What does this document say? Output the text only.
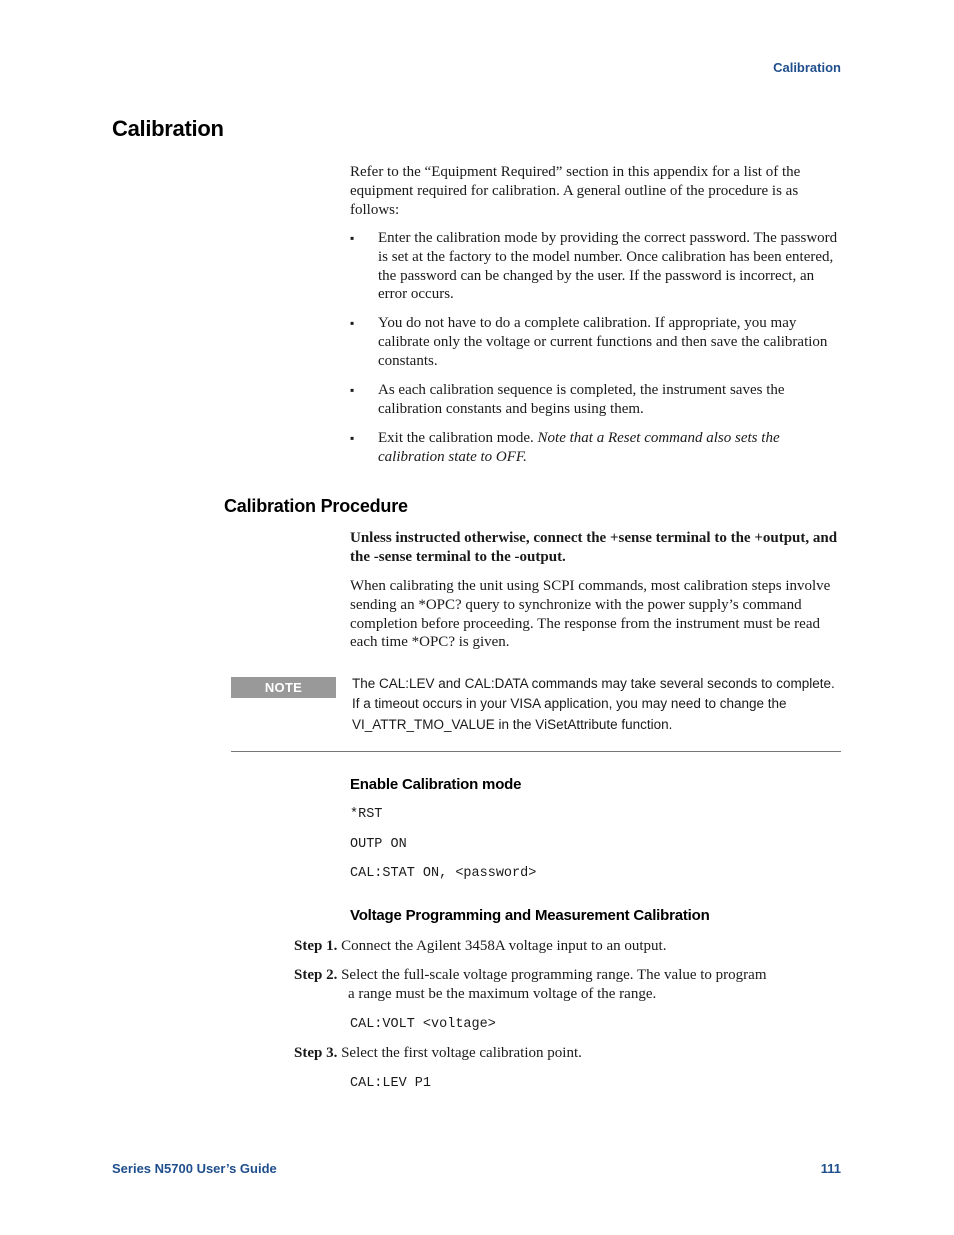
Calibration
Calibration
Refer to the “Equipment Required” section in this appendix for a list of the equipment required for calibration. A general outline of the procedure is as follows:
▪	Enter the calibration mode by providing the correct password. The password is set at the factory to the model number. Once calibration has been entered, the password can be changed by the user. If the password is incorrect, an error occurs.
▪	You do not have to do a complete calibration. If appropriate, you may calibrate only the voltage or current functions and then save the calibration constants.
▪	As each calibration sequence is completed, the instrument saves the calibration constants and begins using them.
▪	Exit the calibration mode. Note that a Reset command also sets the calibration state to OFF.
Calibration Procedure
Unless instructed otherwise, connect the +sense terminal to the +output, and the -sense terminal to the -output.
When calibrating the unit using SCPI commands, most calibration steps involve sending an *OPC? query to synchronize with the power supply’s command completion before proceeding. The response from the instrument must be read each time *OPC? is given.
NOTE	The CAL:LEV and CAL:DATA commands may take several seconds to complete. If a timeout occurs in your VISA application, you may need to change the VI_ATTR_TMO_VALUE in the ViSetAttribute function.
Enable Calibration mode
*RST
OUTP ON
CAL:STAT ON, <password>
Voltage Programming and Measurement Calibration
Step 1. Connect the Agilent 3458A voltage input to an output.
Step 2. Select the full-scale voltage programming range. The value to program
a range must be the maximum voltage of the range.
CAL:VOLT <voltage>
Step 3. Select the first voltage calibration point.
CAL:LEV P1
Series N5700 User’s Guide	111
